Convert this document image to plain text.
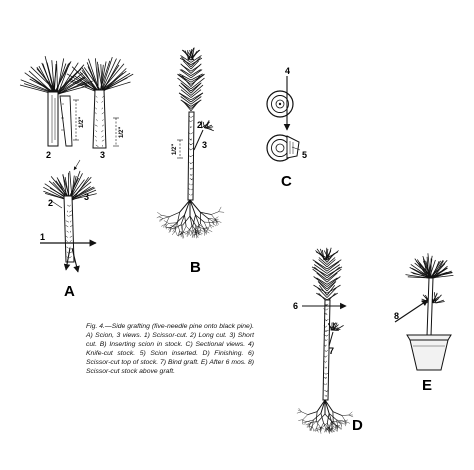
A
B
C
D
E
2	3
2
3
1
2
3
4
5
6
7
8
1/2"
1/2"
1/2"
Fig. 4.—Side grafting (five-needle pine onto black pine). A) Scion, 3 views. 1) Scissor-cut. 2) Long cut. 3) Short cut. B) Inserting scion in stock. C) Sectional views. 4) Knife-cut stock. 5) Scion inserted. D) Finishing. 6) Scissor-cut top of stock. 7) Bind graft. E) After 6 mos. 8) Scissor-cut stock above graft.
